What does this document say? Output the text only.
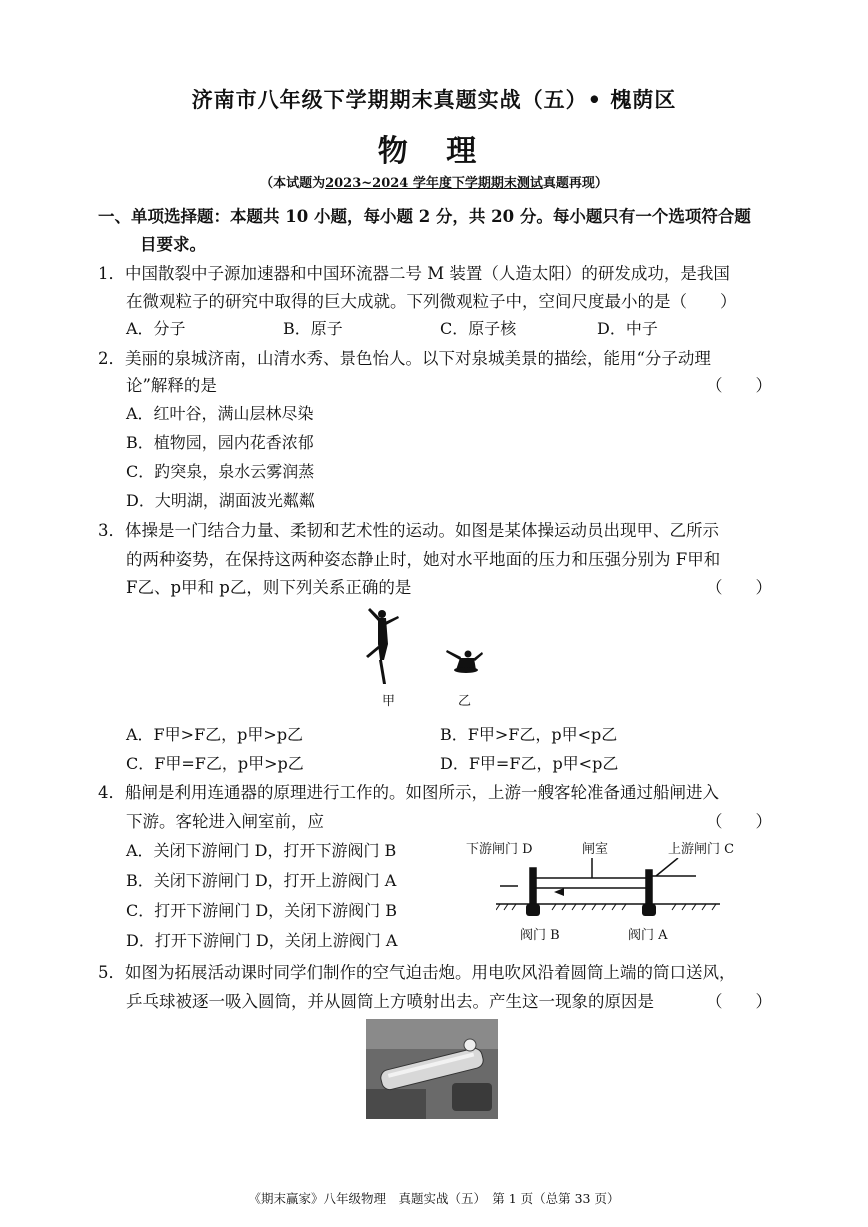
济南市八年级下学期期末真题实战（五）• 槐荫区
物 理
（本试题为2023~2024 学年度下学期期末测试真题再现）
一、单项选择题：本题共 10 小题，每小题 2 分，共 20 分。每小题只有一个选项符合题
目要求。
1．中国散裂中子源加速器和中国环流器二号 M 装置（人造太阳）的研发成功，是我国
在微观粒子的研究中取得的巨大成就。下列微观粒子中，空间尺度最小的是（　　）
A．分子	B．原子	C．原子核	D．中子
2．美丽的泉城济南，山清水秀、景色怡人。以下对泉城美景的描绘，能用“分子动理
论”解释的是	（　　）
A．红叶谷，满山层林尽染
B．植物园，园内花香浓郁
C．趵突泉，泉水云雾润蒸
D．大明湖，湖面波光粼粼
3．体操是一门结合力量、柔韧和艺术性的运动。如图是某体操运动员出现甲、乙所示
的两种姿势，在保持这两种姿态静止时，她对水平地面的压力和压强分别为 F甲和
F乙、p甲和 p乙，则下列关系正确的是	（　　）
甲	乙
A．F甲>F乙，p甲>p乙	B．F甲>F乙，p甲<p乙
C．F甲=F乙，p甲>p乙	D．F甲=F乙，p甲<p乙
4．船闸是利用连通器的原理进行工作的。如图所示，上游一艘客轮准备通过船闸进入
下游。客轮进入闸室前，应	（　　）
A．关闭下游闸门 D，打开下游阀门 B
B．关闭下游闸门 D，打开上游阀门 A
C．打开下游闸门 D，关闭下游阀门 B
D．打开下游闸门 D，关闭上游阀门 A
下游闸门 D	闸室	上游闸门 C
阀门 B	阀门 A
5．如图为拓展活动课时同学们制作的空气迫击炮。用电吹风沿着圆筒上端的筒口送风，
乒乓球被逐一吸入圆筒，并从圆筒上方喷射出去。产生这一现象的原因是	（　　）
《期末赢家》八年级物理　真题实战（五）　第 1 页（总第 33 页）
